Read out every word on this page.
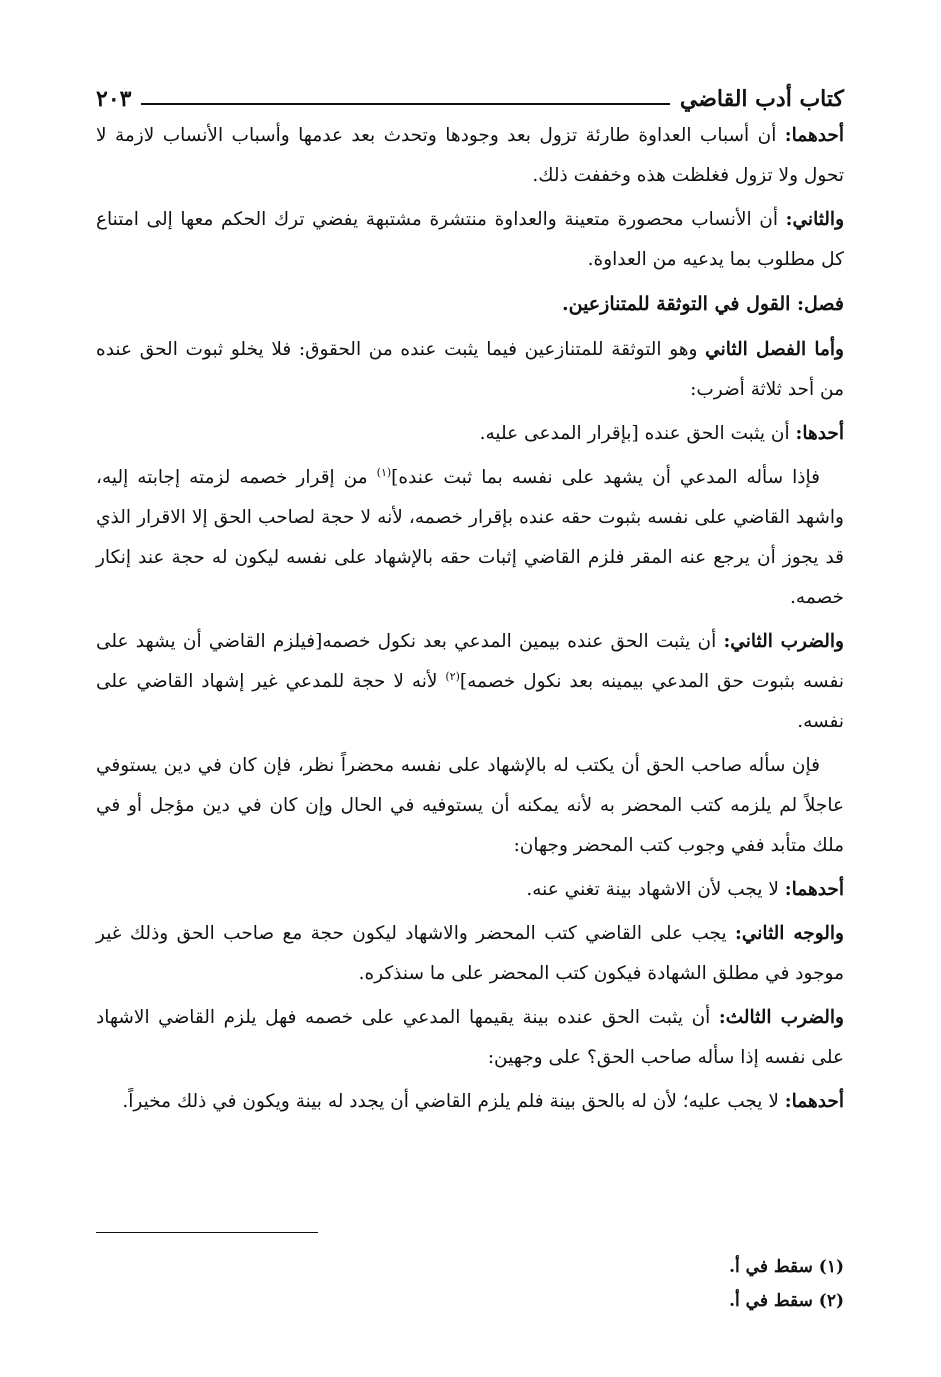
كتاب أدب القاضي
٢٠٣

أحدهما: أن أسباب العداوة طارئة تزول بعد وجودها وتحدث بعد عدمها وأسباب الأنساب لازمة لا تحول ولا تزول فغلظت هذه وخففت ذلك.

والثاني: أن الأنساب محصورة متعينة والعداوة منتشرة مشتبهة يفضي ترك الحكم معها إلى امتناع كل مطلوب بما يدعيه من العداوة.

فصل: القول في التوثقة للمتنازعين.

وأما الفصل الثاني وهو التوثقة للمتنازعين فيما يثبت عنده من الحقوق: فلا يخلو ثبوت الحق عنده من أحد ثلاثة أضرب:

أحدها: أن يثبت الحق عنده [بإقرار المدعى عليه.

فإذا سأله المدعي أن يشهد على نفسه بما ثبت عنده]$^{(١)}$ من إقرار خصمه لزمته إجابته إليه، واشهد القاضي على نفسه بثبوت حقه عنده بإقرار خصمه، لأنه لا حجة لصاحب الحق إلا الاقرار الذي قد يجوز أن يرجع عنه المقر فلزم القاضي إثبات حقه بالإشهاد على نفسه ليكون له حجة عند إنكار خصمه.

والضرب الثاني: أن يثبت الحق عنده بيمين المدعي بعد نكول خصمه[فيلزم القاضي أن يشهد على نفسه بثبوت حق المدعي بيمينه بعد نكول خصمه]$^{(٢)}$ لأنه لا حجة للمدعي غير إشهاد القاضي على نفسه.

فإن سأله صاحب الحق أن يكتب له بالإشهاد على نفسه محضراً نظر، فإن كان في دين يستوفي عاجلاً لم يلزمه كتب المحضر به لأنه يمكنه أن يستوفيه في الحال وإن كان في دين مؤجل أو في ملك متأبد ففي وجوب كتب المحضر وجهان:

أحدهما: لا يجب لأن الاشهاد بينة تغني عنه.

والوجه الثاني: يجب على القاضي كتب المحضر والاشهاد ليكون حجة مع صاحب الحق وذلك غير موجود في مطلق الشهادة فيكون كتب المحضر على ما سنذكره.

والضرب الثالث: أن يثبت الحق عنده بينة يقيمها المدعي على خصمه فهل يلزم القاضي الاشهاد على نفسه إذا سأله صاحب الحق؟ على وجهين:

أحدهما: لا يجب عليه؛ لأن له بالحق بينة فلم يلزم القاضي أن يجدد له بينة ويكون في ذلك مخيراً.

(١) سقط في أ.
(٢) سقط في أ.
